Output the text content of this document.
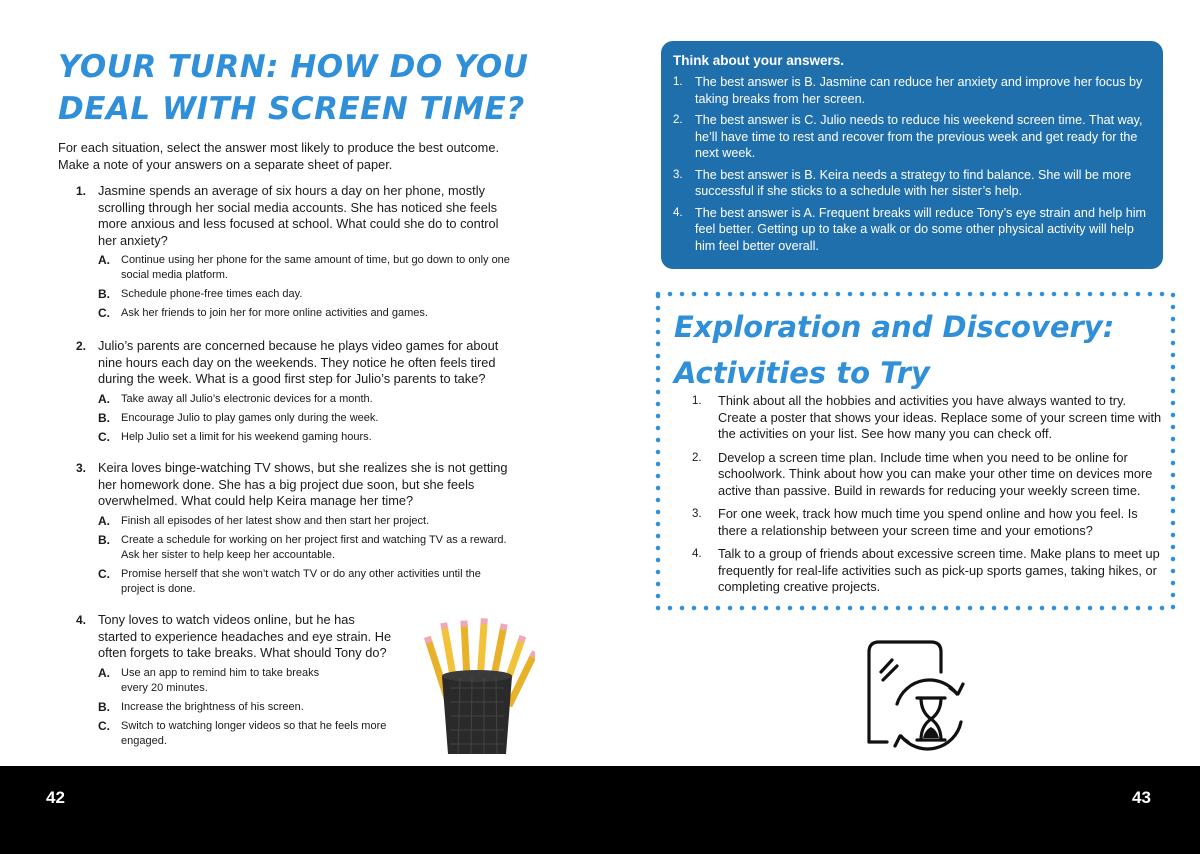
YOUR TURN: HOW DO YOU
DEAL WITH SCREEN TIME?

For each situation, select the answer most likely to produce the best outcome. Make a note of your answers on a separate sheet of paper.

1. Jasmine spends an average of six hours a day on her phone, mostly scrolling through her social media accounts. She has noticed she feels more anxious and less focused at school. What could she do to control her anxiety?
A.	Continue using her phone for the same amount of time, but go down to only one social media platform.
B.	Schedule phone-free times each day.
C.	Ask her friends to join her for more online activities and games.
2. Julio’s parents are concerned because he plays video games for about nine hours each day on the weekends. They notice he often feels tired during the week. What is a good first step for Julio’s parents to take?
A.	Take away all Julio’s electronic devices for a month.
B.	Encourage Julio to play games only during the week.
C.	Help Julio set a limit for his weekend gaming hours.
3. Keira loves binge-watching TV shows, but she realizes she is not getting her homework done. She has a big project due soon, but she feels overwhelmed. What could help Keira manage her time?
A.	Finish all episodes of her latest show and then start her project.
B.	Create a schedule for working on her project first and watching TV as a reward. Ask her sister to help keep her accountable.
C.	Promise herself that she won’t watch TV or do any other activities until the project is done.
4. Tony loves to watch videos online, but he has started to experience headaches and eye strain. He often forgets to take breaks. What should Tony do?
A.	Use an app to remind him to take breaks every 20 minutes.
B.	Increase the brightness of his screen.
C.	Switch to watching longer videos so that he feels more engaged.
Think about your answers.
1. The best answer is B. Jasmine can reduce her anxiety and improve her focus by taking breaks from her screen.
2. The best answer is C. Julio needs to reduce his weekend screen time. That way, he’ll have time to rest and recover from the previous week and get ready for the next week.
3. The best answer is B. Keira needs a strategy to find balance. She will be more successful if she sticks to a schedule with her sister’s help.
4. The best answer is A. Frequent breaks will reduce Tony’s eye strain and help him feel better. Getting up to take a walk or do some other physical activity will help him feel better overall.
Exploration and Discovery:
Activities to Try
1.	Think about all the hobbies and activities you have always wanted to try. Create a poster that shows your ideas. Replace some of your screen time with the activities on your list. See how many you can check off.
2.	Develop a screen time plan. Include time when you need to be online for schoolwork. Think about how you can make your other time on devices more active than passive. Build in rewards for reducing your weekly screen time.
3.	For one week, track how much time you spend online and how you feel. Is there a relationship between your screen time and your emotions?
4.	Talk to a group of friends about excessive screen time. Make plans to meet up frequently for real-life activities such as pick-up sports games, taking hikes, or completing creative projects.
42	43
